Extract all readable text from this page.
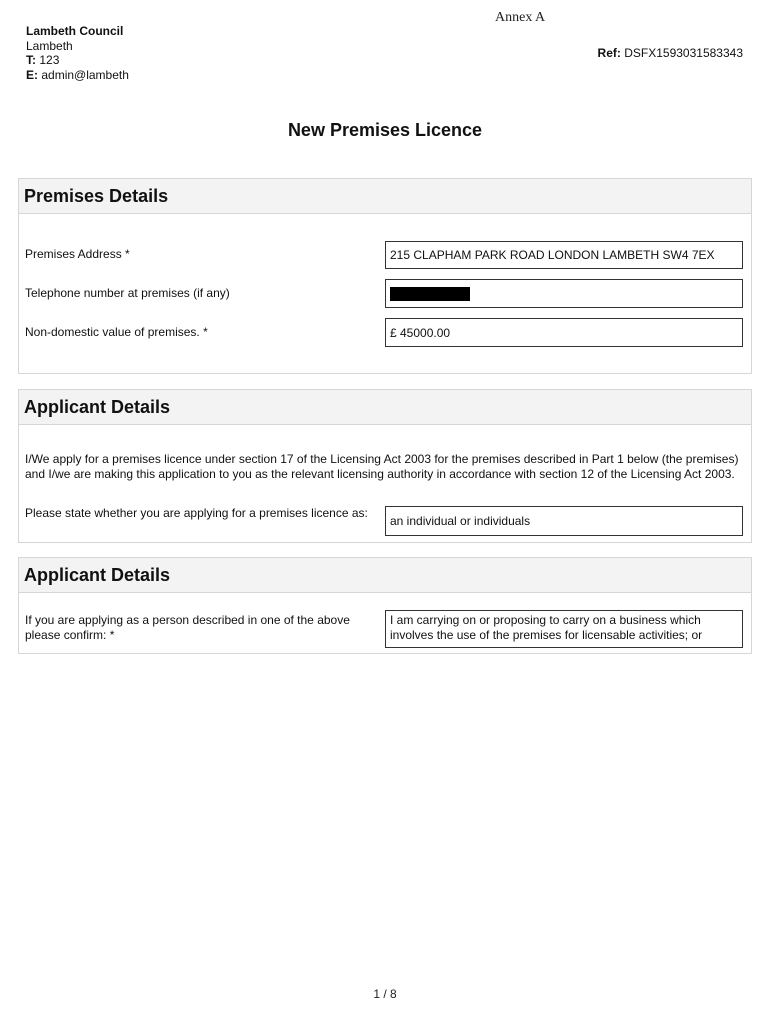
Annex A
Lambeth Council
Lambeth
T: 123
E: admin@lambeth
Ref: DSFX1593031583343
New Premises Licence
Premises Details
Premises Address *	215 CLAPHAM PARK ROAD LONDON LAMBETH SW4 7EX
Telephone number at premises (if any)
Non-domestic value of premises. *	£ 45000.00
Applicant Details
I/We apply for a premises licence under section 17 of the Licensing Act 2003 for the premises described in Part 1 below (the premises) and I/we are making this application to you as the relevant licensing authority in accordance with section 12 of the Licensing Act 2003.
Please state whether you are applying for a premises licence as:
an individual or individuals
Applicant Details
If you are applying as a person described in one of the above please confirm: *
I am carrying on or proposing to carry on a business which involves the use of the premises for licensable activities; or
1 / 8
